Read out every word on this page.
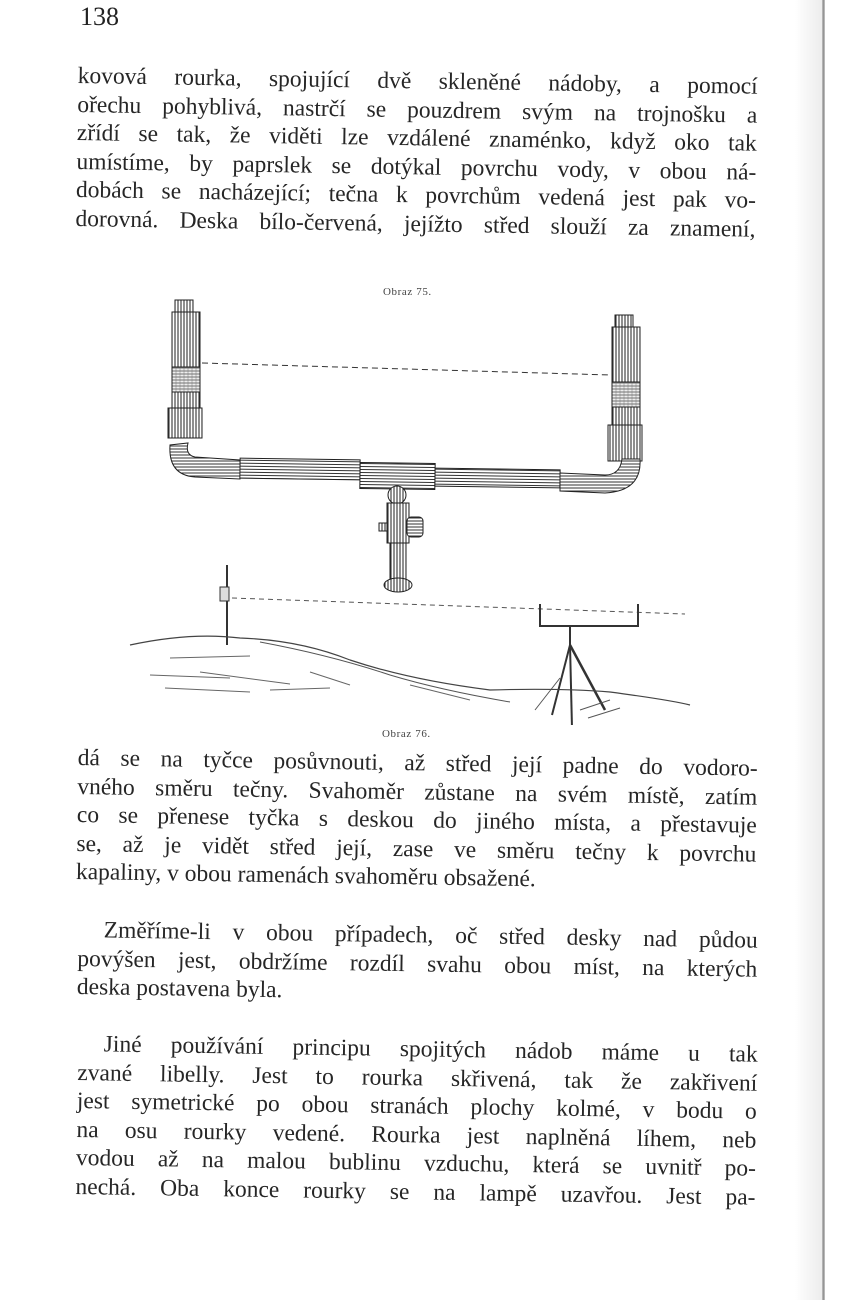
138
kovová rourka, spojující dvě skleněné nádoby, a pomocí
ořechu pohyblivá, nastrčí se pouzdrem svým na trojnošku a
zřídí se tak, že viděti lze vzdálené znaménko, když oko tak
umístíme, by paprslek se dotýkal povrchu vody, v obou ná-
dobách se nacházející; tečna k povrchům vedená jest pak vo-
dorovná. Deska bílo-červená, jejížto střed slouží za znamení,
Obraz 75.
Obraz 76.
dá se na tyčce posůvnouti, až střed její padne do vodoro-
vného směru tečny. Svahoměr zůstane na svém místě, zatím
co se přenese tyčka s deskou do jiného místa, a přestavuje
se, až je vidět střed její, zase ve směru tečny k povrchu
kapaliny, v obou ramenách svahoměru obsažené.
Změříme-li v obou případech, oč střed desky nad půdou
povýšen jest, obdržíme rozdíl svahu obou míst, na kterých
deska postavena byla.
Jiné používání principu spojitých nádob máme u tak
zvané libelly. Jest to rourka skřivená, tak že zakřivení
jest symetrické po obou stranách plochy kolmé, v bodu o
na osu rourky vedené. Rourka jest naplněná líhem, neb
vodou až na malou bublinu vzduchu, která se uvnitř po-
nechá. Oba konce rourky se na lampě uzavřou. Jest pa-
